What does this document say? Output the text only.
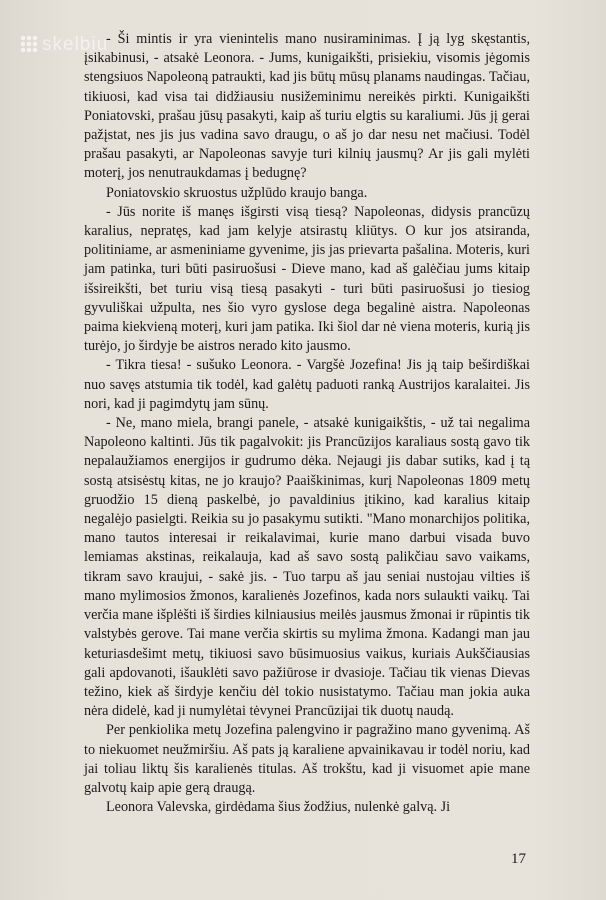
skelbiu

- Ši mintis ir yra vienintelis mano nusiraminimas. Į ją lyg skęstantis, įsikabinusi, - atsakė Leonora. - Jums, kunigaikšti, prisiekiu, visomis jėgomis stengsiuos Napoleoną patraukti, kad jis būtų mūsų planams naudingas. Tačiau, tikiuosi, kad visa tai didžiausiu nusižeminimu nereikės pirkti. Kunigaikšti Poniatovski, prašau jūsų pasakyti, kaip aš turiu elgtis su karaliumi. Jūs jį gerai pažįstat, nes jis jus vadina savo draugu, o aš jo dar nesu net mačiusi. Todėl prašau pasakyti, ar Napoleonas savyje turi kilnių jausmų? Ar jis gali mylėti moterį, jos nenutraukdamas į bedugnę?

Poniatovskio skruostus užplūdo kraujo banga.

- Jūs norite iš manęs išgirsti visą tiesą? Napoleonas, didysis prancūzų karalius, nepratęs, kad jam kelyje atsirastų kliūtys. O kur jos atsiranda, politiniame, ar asmeniniame gyvenime, jis jas prievarta pašalina. Moteris, kuri jam patinka, turi būti pasiruošusi - Dieve mano, kad aš galėčiau jums kitaip išsireikšti, bet turiu visą tiesą pasakyti - turi būti pasiruošusi jo tiesiog gyvuliškai užpulta, nes šio vyro gyslose dega begalinė aistra. Napoleonas paima kiekvieną moterį, kuri jam patika. Iki šiol dar nė viena moteris, kurią jis turėjo, jo širdyje be aistros nerado kito jausmo.

- Tikra tiesa! - sušuko Leonora. - Vargšė Jozefina! Jis ją taip beširdiškai nuo savęs atstumia tik todėl, kad galėtų paduoti ranką Austrijos karalaitei. Jis nori, kad ji pagimdytų jam sūnų.

- Ne, mano miela, brangi panele, - atsakė kunigaikštis, - už tai negalima Napoleono kaltinti. Jūs tik pagalvokit: jis Prancūzijos karaliaus sostą gavo tik nepalaužiamos energijos ir gudrumo dėka. Nejaugi jis dabar sutiks, kad į tą sostą atsisėstų kitas, ne jo kraujo? Paaiškinimas, kurį Napoleonas 1809 metų gruodžio 15 dieną paskelbė, jo pavaldinius įtikino, kad karalius kitaip negalėjo pasielgti. Reikia su jo pasakymu sutikti. "Mano monarchijos politika, mano tautos interesai ir reikalavimai, kurie mano darbui visada buvo lemiamas akstinas, reikalauja, kad aš savo sostą palikčiau savo vaikams, tikram savo kraujui, - sakė jis. - Tuo tarpu aš jau seniai nustojau vilties iš mano mylimosios žmonos, karalienės Jozefinos, kada nors sulaukti vaikų. Tai verčia mane išplėšti iš širdies kilniausius meilės jausmus žmonai ir rūpintis tik valstybės gerove. Tai mane verčia skirtis su mylima žmona. Kadangi man jau keturiasdešimt metų, tikiuosi savo būsimuosius vaikus, kuriais Aukščiausias gali apdovanoti, išauklėti savo pažiūrose ir dvasioje. Tačiau tik vienas Dievas težino, kiek aš širdyje kenčiu dėl tokio nusistatymo. Tačiau man jokia auka nėra didelė, kad ji numylėtai tėvynei Prancūzijai tik duotų naudą.

Per penkiolika metų Jozefina palengvino ir pagražino mano gyvenimą. Aš to niekuomet neužmiršiu. Aš pats ją karaliene apvainikavau ir todėl noriu, kad jai toliau liktų šis karalienės titulas. Aš trokštu, kad ji visuomet apie mane galvotų kaip apie gerą draugą.

Leonora Valevska, girdėdama šius žodžius, nulenkė galvą. Ji

17
